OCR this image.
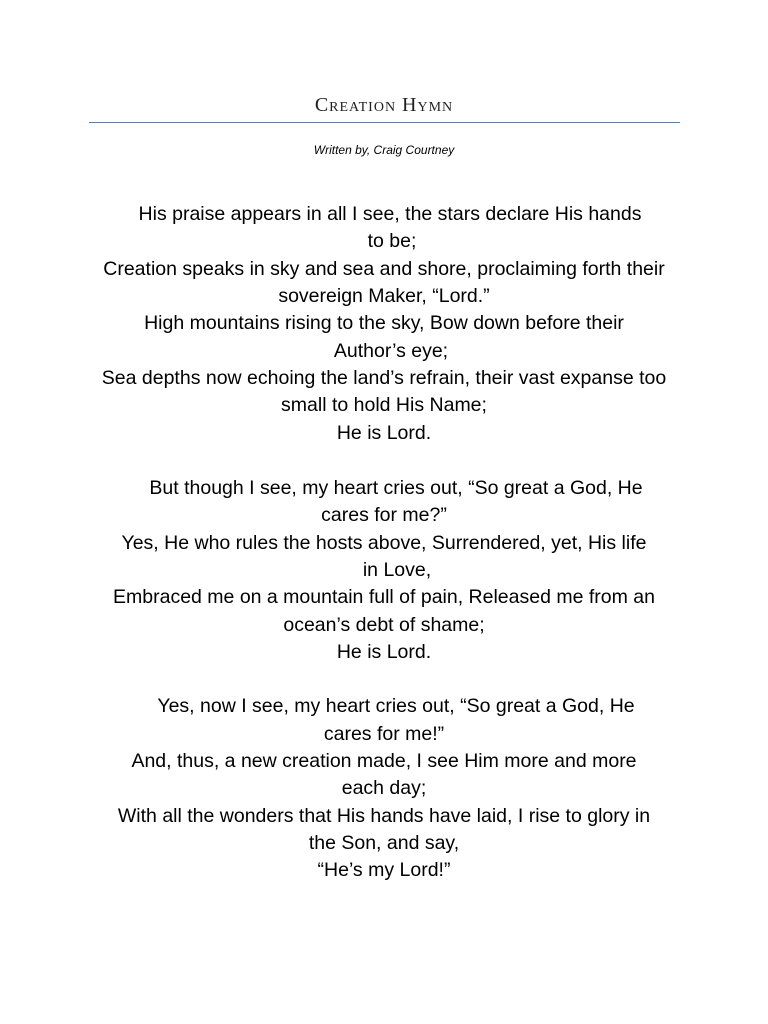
Creation Hymn
Written by, Craig Courtney
His praise appears in all I see, the stars declare His hands
to be;
Creation speaks in sky and sea and shore, proclaiming forth their
sovereign Maker, “Lord.”
High mountains rising to the sky, Bow down before their
Author’s eye;
Sea depths now echoing the land’s refrain, their vast expanse too
small to hold His Name;
He is Lord.
But though I see, my heart cries out, “So great a God, He
cares for me?”
Yes, He who rules the hosts above, Surrendered, yet, His life
in Love,
Embraced me on a mountain full of pain, Released me from an
ocean’s debt of shame;
He is Lord.
Yes, now I see, my heart cries out, “So great a God, He
cares for me!”
And, thus, a new creation made, I see Him more and more
each day;
With all the wonders that His hands have laid, I rise to glory in
the Son, and say,
“He’s my Lord!”
